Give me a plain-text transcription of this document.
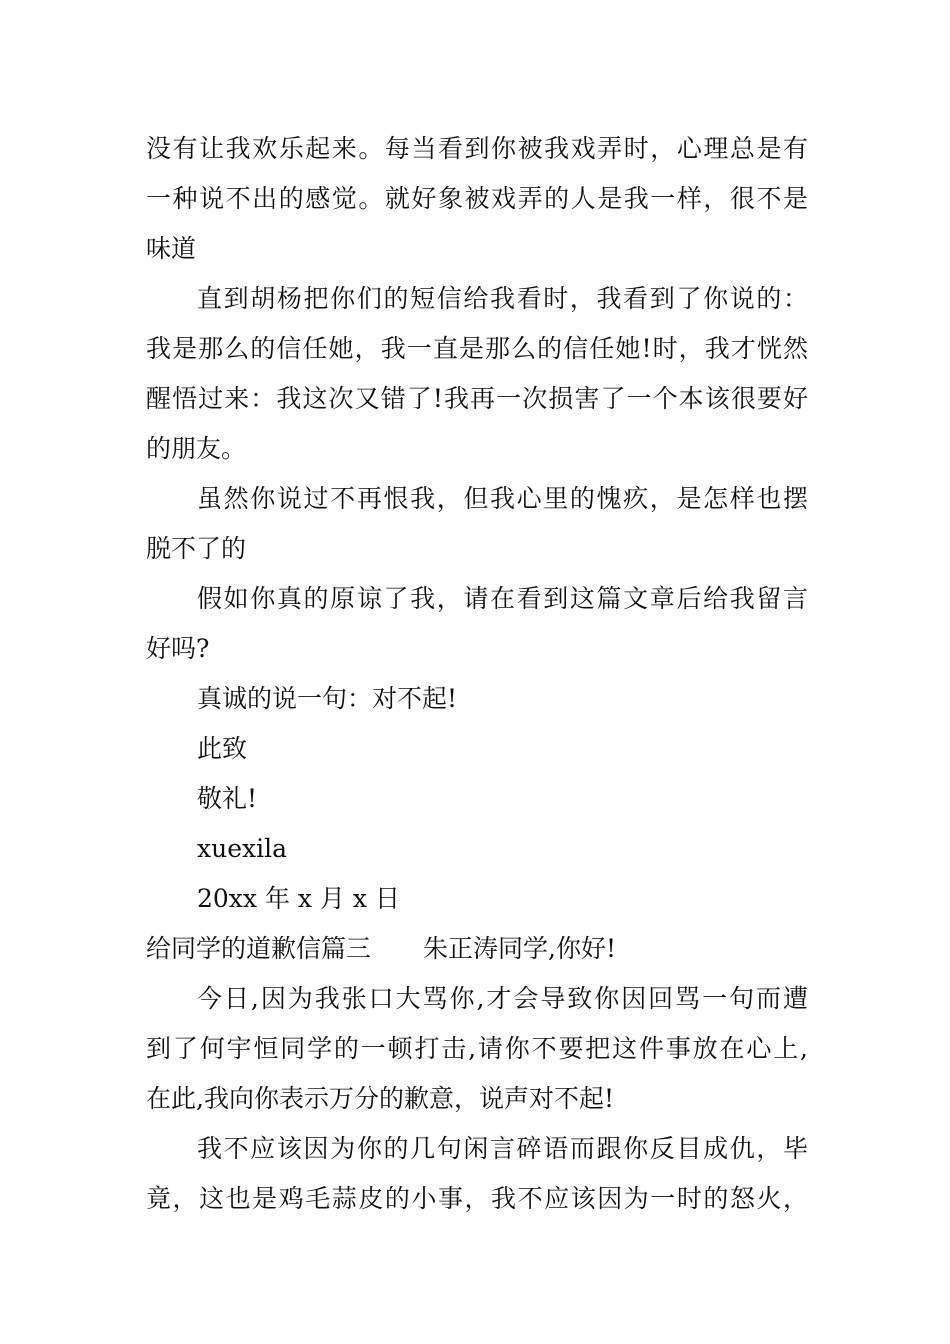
没有让我欢乐起来。每当看到你被我戏弄时，心理总是有
一种说不出的感觉。就好象被戏弄的人是我一样，很不是
味道
直到胡杨把你们的短信给我看时，我看到了你说的：
我是那么的信任她，我一直是那么的信任她!时，我才恍然
醒悟过来：我这次又错了!我再一次损害了一个本该很要好
的朋友。
虽然你说过不再恨我，但我心里的愧疚，是怎样也摆
脱不了的
假如你真的原谅了我，请在看到这篇文章后给我留言
好吗?
真诚的说一句：对不起!
此致
敬礼!
xuexila
20xx 年 x 月 x 日
给同学的道歉信篇三 朱正涛同学,你好!
今日,因为我张口大骂你,才会导致你因回骂一句而遭
到了何宇恒同学的一顿打击,请你不要把这件事放在心上,
在此,我向你表示万分的歉意，说声对不起!
我不应该因为你的几句闲言碎语而跟你反目成仇，毕
竟，这也是鸡毛蒜皮的小事，我不应该因为一时的怒火，
